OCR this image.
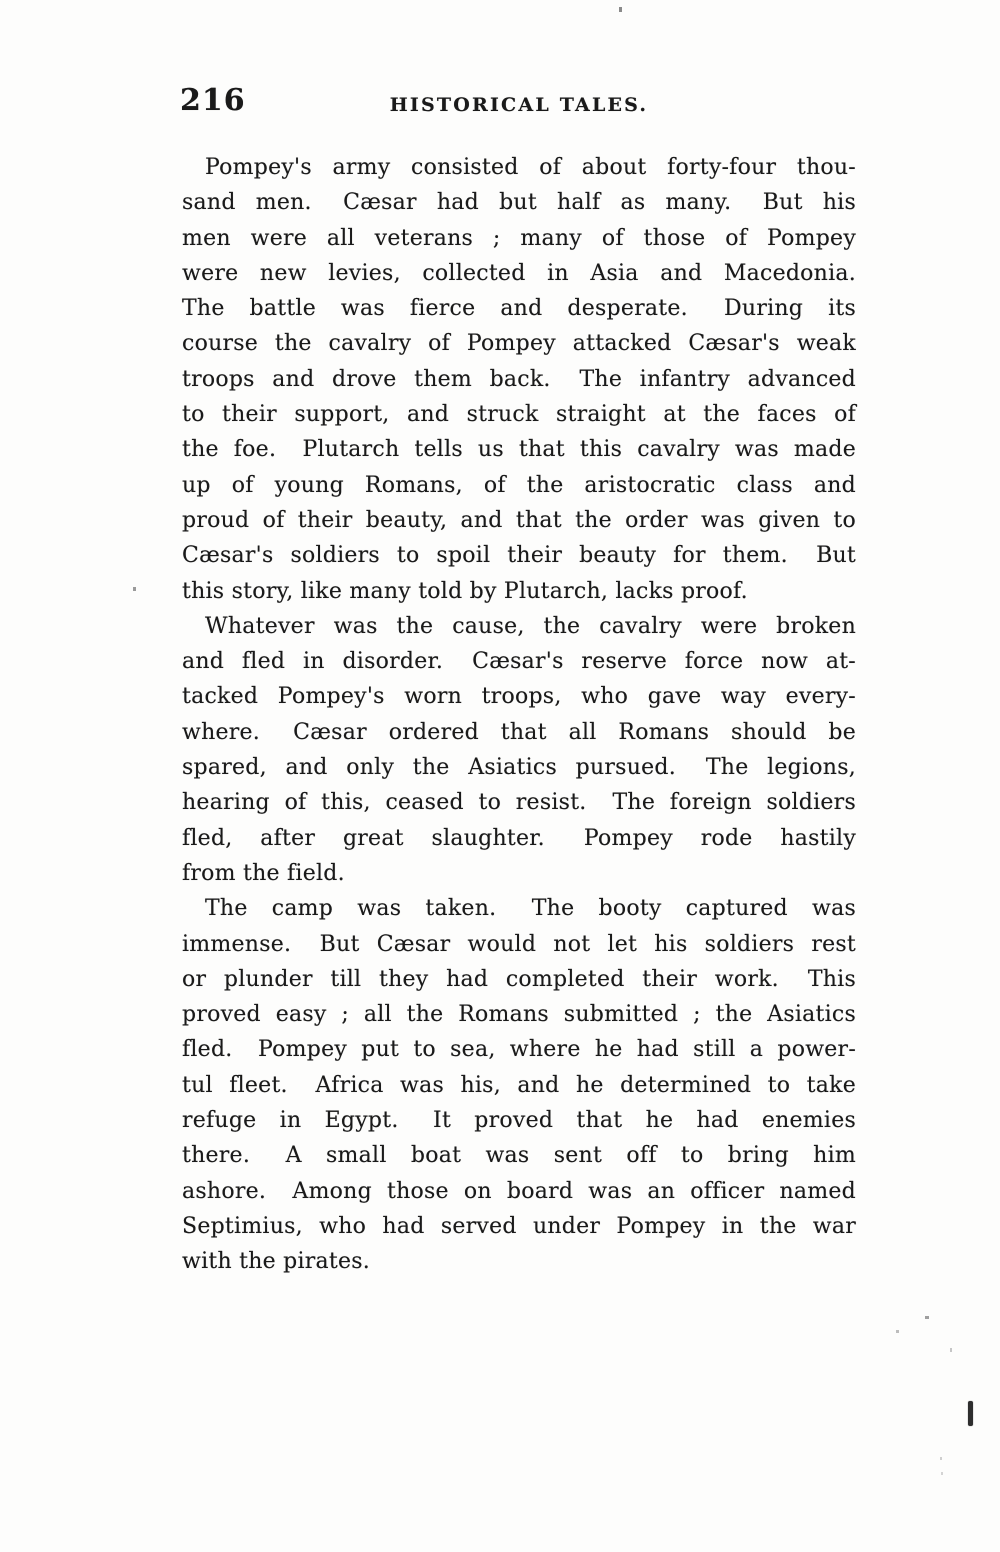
216	HISTORICAL TALES.
Pompey's army consisted of about forty-four thou-
sand men.  Cæsar had but half as many.  But his
men were all veterans ; many of those of Pompey
were new levies, collected in Asia and Macedonia.
The battle was fierce and desperate.  During its
course the cavalry of Pompey attacked Cæsar's weak
troops and drove them back.  The infantry advanced
to their support, and struck straight at the faces of
the foe.  Plutarch tells us that this cavalry was made
up of young Romans, of the aristocratic class and
proud of their beauty, and that the order was given to
Cæsar's soldiers to spoil their beauty for them.  But
this story, like many told by Plutarch, lacks proof.
Whatever was the cause, the cavalry were broken
and fled in disorder.  Cæsar's reserve force now at-
tacked Pompey's worn troops, who gave way every-
where.  Cæsar ordered that all Romans should be
spared, and only the Asiatics pursued.  The legions,
hearing of this, ceased to resist.  The foreign soldiers
fled, after great slaughter.  Pompey rode hastily
from the field.
The camp was taken.  The booty captured was
immense.  But Cæsar would not let his soldiers rest
or plunder till they had completed their work.  This
proved easy ; all the Romans submitted ; the Asiatics
fled.  Pompey put to sea, where he had still a power-
tul fleet.  Africa was his, and he determined to take
refuge in Egypt.  It proved that he had enemies
there.  A small boat was sent off to bring him
ashore.  Among those on board was an officer named
Septimius, who had served under Pompey in the war
with the pirates.
